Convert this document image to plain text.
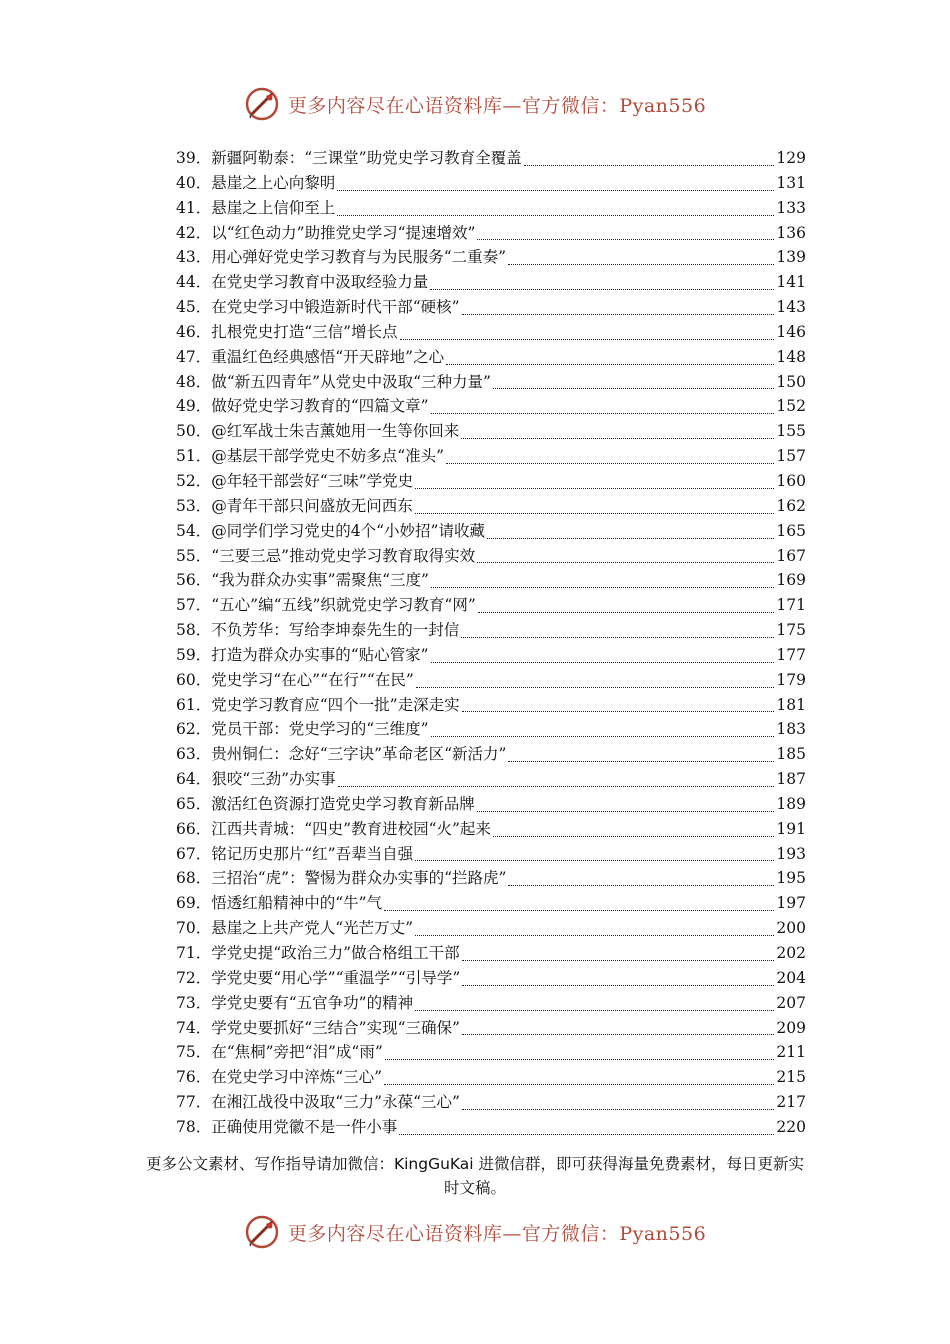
更多内容尽在心语资料库—官方微信：Pyan556
39． 新疆阿勒泰：“三课堂”助党史学习教育全覆盖	129
40． 悬崖之上心向黎明	131
41． 悬崖之上信仰至上	133
42． 以“红色动力”助推党史学习“提速增效”	136
43． 用心弹好党史学习教育与为民服务“二重奏”	139
44． 在党史学习教育中汲取经验力量	141
45． 在党史学习中锻造新时代干部“硬核”	143
46． 扎根党史打造“三信”增长点	146
47． 重温红色经典感悟“开天辟地”之心	148
48． 做“新五四青年”从党史中汲取“三种力量”	150
49． 做好党史学习教育的“四篇文章”	152
50． @红军战士朱吉薰她用一生等你回来	155
51． @基层干部学党史不妨多点“准头”	157
52． @年轻干部尝好“三味”学党史	160
53． @青年干部只问盛放无问西东	162
54． @同学们学习党史的4个“小妙招”请收藏	165
55． “三要三忌”推动党史学习教育取得实效	167
56． “我为群众办实事”需聚焦“三度”	169
57． “五心”编“五线”织就党史学习教育“网”	171
58． 不负芳华：写给李坤泰先生的一封信	175
59． 打造为群众办实事的“贴心管家”	177
60． 党史学习“在心”“在行”“在民”	179
61． 党史学习教育应“四个一批”走深走实	181
62． 党员干部：党史学习的“三维度”	183
63． 贵州铜仁：念好“三字诀”革命老区“新活力”	185
64． 狠咬“三劲”办实事	187
65． 激活红色资源打造党史学习教育新品牌	189
66． 江西共青城：“四史”教育进校园“火”起来	191
67． 铭记历史那片“红”吾辈当自强	193
68． 三招治“虎”：警惕为群众办实事的“拦路虎”	195
69． 悟透红船精神中的“牛”气	197
70． 悬崖之上共产党人“光芒万丈”	200
71． 学党史提“政治三力”做合格组工干部	202
72． 学党史要“用心学”“重温学”“引导学”	204
73． 学党史要有“五官争功”的精神	207
74． 学党史要抓好“三结合”实现“三确保”	209
75． 在“焦桐”旁把“泪”成“雨”	211
76． 在党史学习中淬炼“三心”	215
77． 在湘江战役中汲取“三力”永葆“三心”	217
78． 正确使用党徽不是一件小事	220
更多公文素材、写作指导请加微信：KingGuKai 进微信群，即可获得海量免费素材，每日更新实时文稿。
更多内容尽在心语资料库—官方微信：Pyan556
